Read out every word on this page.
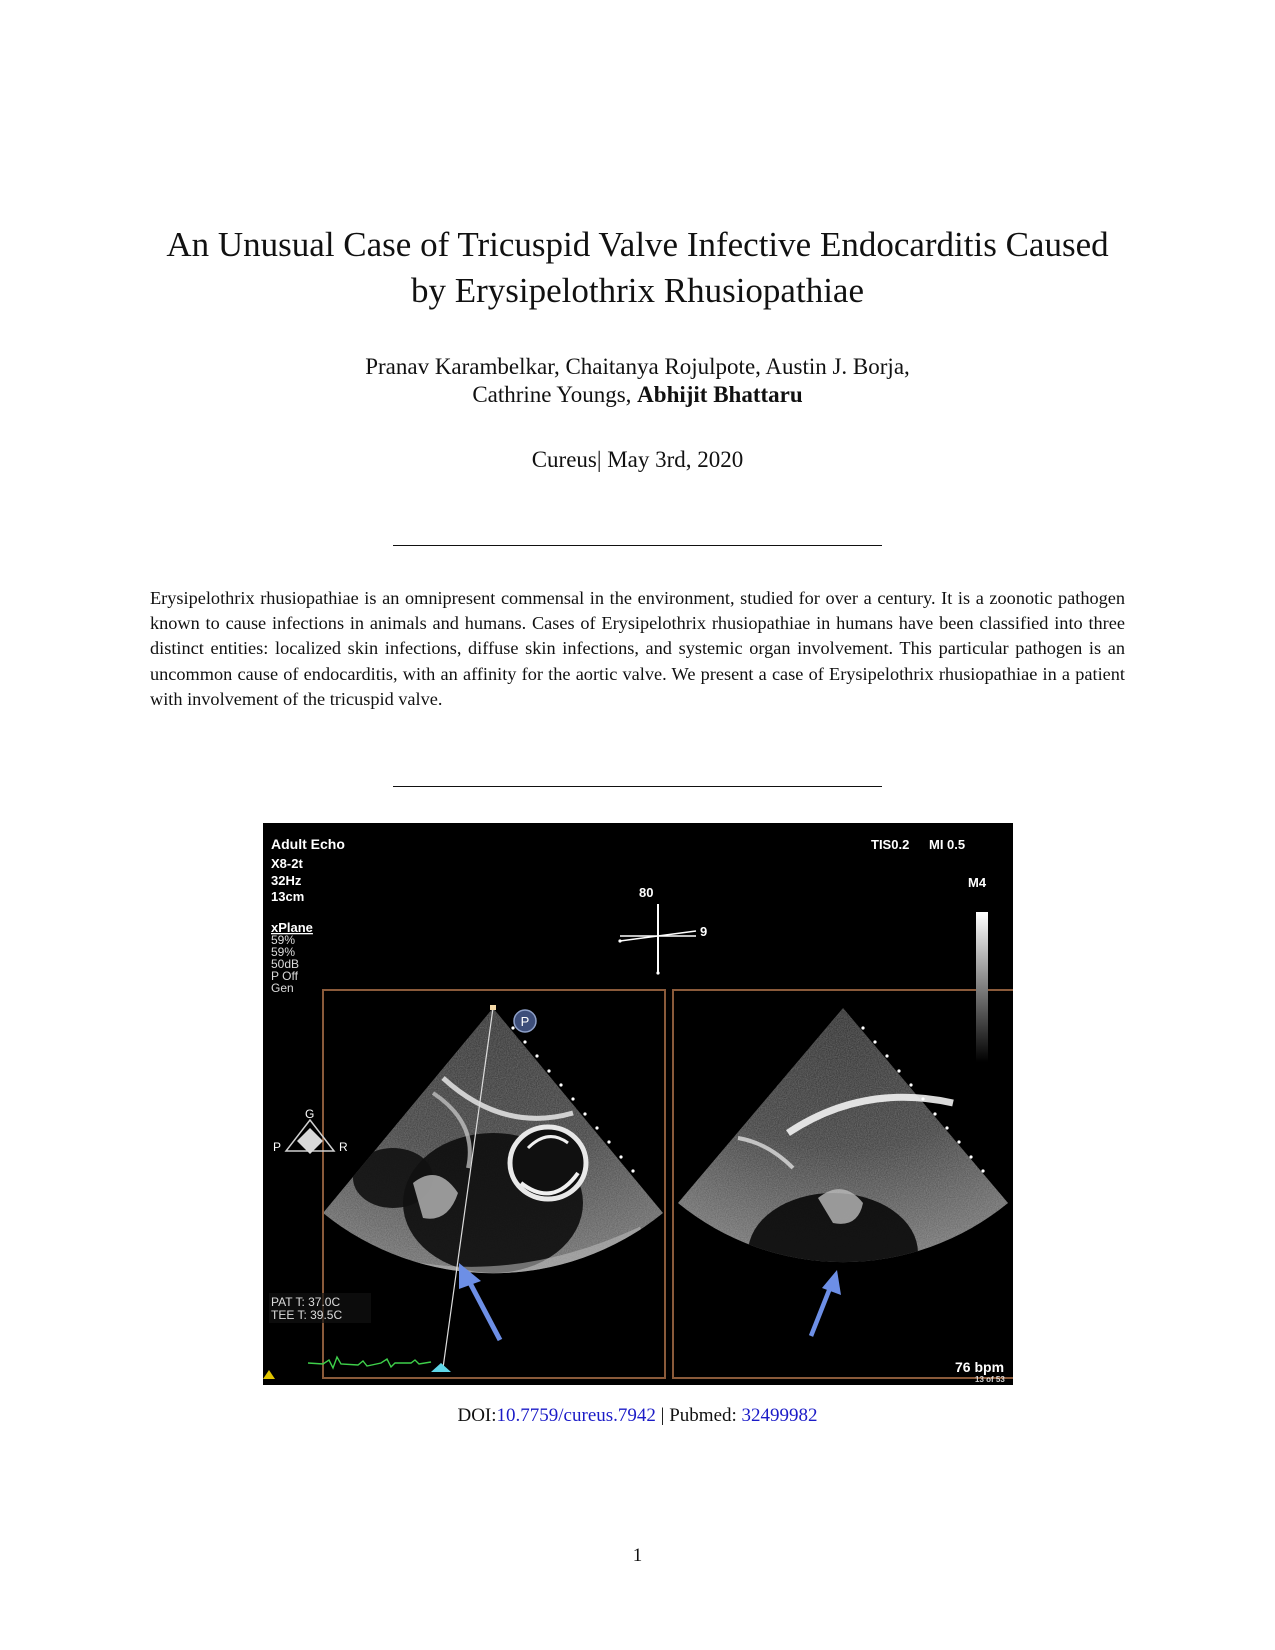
An Unusual Case of Tricuspid Valve Infective Endocarditis Caused
by Erysipelothrix Rhusiopathiae
Pranav Karambelkar, Chaitanya Rojulpote, Austin J. Borja,
Cathrine Youngs, Abhijit Bhattaru
Cureus| May 3rd, 2020

Erysipelothrix rhusiopathiae is an omnipresent commensal in the environment, studied for over a century. It is a zoonotic pathogen known to cause infections in animals and humans. Cases of Erysipelothrix rhusiopathiae in humans have been classified into three distinct entities: localized skin infections, diffuse skin infections, and systemic organ involvement. This particular pathogen is an uncommon cause of endocarditis, with an affinity for the aortic valve. We present a case of Erysipelothrix rhusiopathiae in a patient with involvement of the tricuspid valve.

P
Adult Echo
X8-2t
32Hz
13cm
xPlane
59%
59%
50dB
P Off
Gen
TIS0.2 MI 0.5
M4
80
9
G
P	R
PAT T: 37.0C
TEE T: 39.5C
76 bpm
13 of 53
DOI:10.7759/cureus.7942 | Pubmed: 32499982
1
